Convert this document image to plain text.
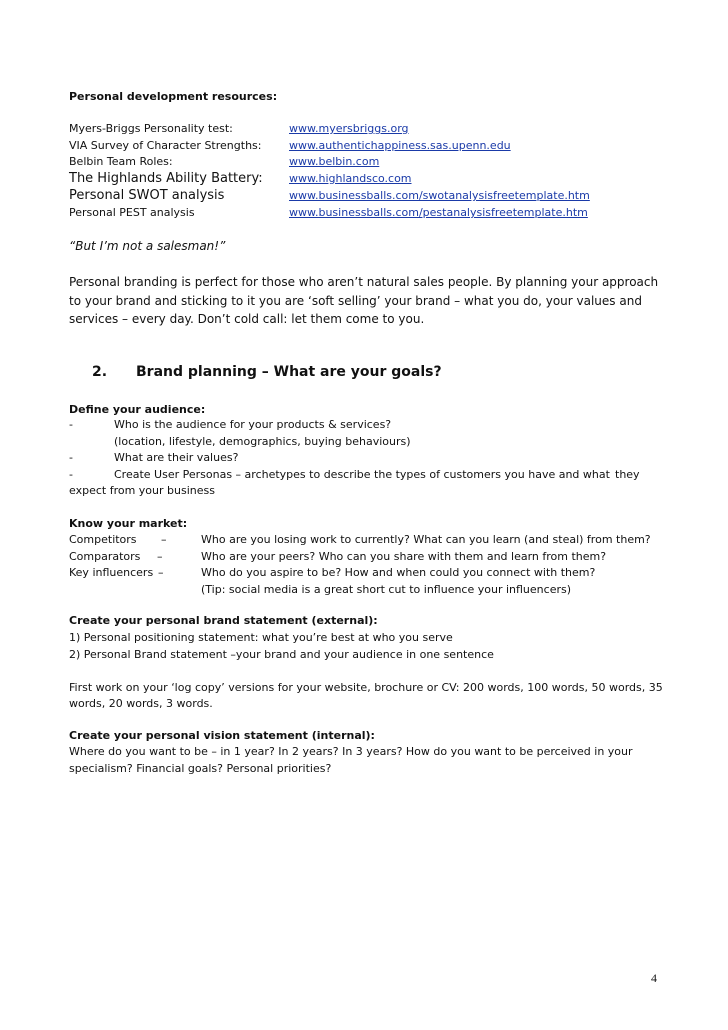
Personal development resources:
Myers-Briggs Personality test:	www.myersbriggs.org
VIA Survey of Character Strengths:	www.authentichappiness.sas.upenn.edu
Belbin Team Roles:	www.belbin.com
The Highlands Ability Battery: www.highlandsco.com
Personal SWOT analysis	www.businessballs.com/swotanalysisfreetemplate.htm
Personal PEST analysis	www.businessballs.com/pestanalysisfreetemplate.htm
“But I’m not a salesman!”
Personal branding is perfect for those who aren’t natural sales people. By planning your approach
to your brand and sticking to it you are ‘soft selling’ your brand – what you do, your values and
services – every day. Don’t cold call: let them come to you.
2. Brand planning – What are your goals?
Define your audience:
-	Who is the audience for your products & services?
(location, lifestyle, demographics, buying behaviours)
-	What are their values?
-	Create User Personas – archetypes to describe the types of customers you have and what they
expect from your business
Know your market:
Competitors –	Who are you losing work to currently? What can you learn (and steal) from them?
Comparators –	Who are your peers? Who can you share with them and learn from them?
Key influencers –	Who do you aspire to be? How and when could you connect with them?
(Tip: social media is a great short cut to influence your influencers)
Create your personal brand statement (external):
1) Personal positioning statement: what you’re best at who you serve
2) Personal Brand statement –your brand and your audience in one sentence
First work on your ‘log copy’ versions for your website, brochure or CV: 200 words, 100 words, 50 words, 35
words, 20 words, 3 words.
Create your personal vision statement (internal):
Where do you want to be – in 1 year? In 2 years? In 3 years? How do you want to be perceived in your
specialism? Financial goals? Personal priorities?
4
